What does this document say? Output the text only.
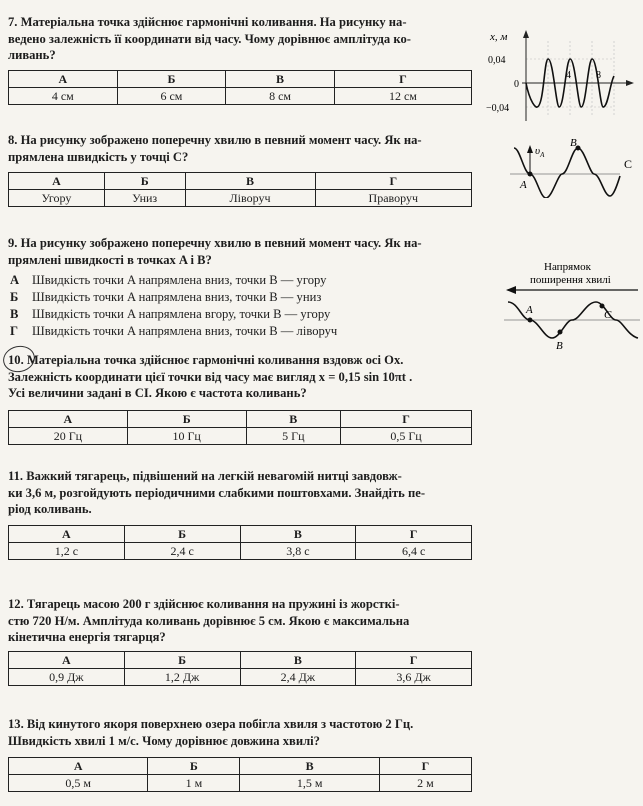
7. Матеріальна точка здійснює гармонічні коливання. На рисунку на-
ведено залежність її координати від часу. Чому дорівнює амплітуда ко-
ливань?

А	Б	В	Г
4 см	6 см	8 см	12 см
x, м
0,04
0
−0,04
4	8

8. На рисунку зображено поперечну хвилю в певний момент часу. Як на-
прямлена швидкість у точці C?

А	Б	В	Г
Угору	Униз	Ліворуч	Праворуч
$\upsilon_A$
A
B
C

9. На рисунку зображено поперечну хвилю в певний момент часу. Як на-
прямлені швидкості в точках A і B?

А	Швидкість точки A напрямлена вниз, точки B — угору
Б	Швидкість точки A напрямлена вниз, точки B — униз
В	Швидкість точки A напрямлена вгору, точки B — угору
Г	Швидкість точки A напрямлена вниз, точки B — ліворуч
Напрямок
поширення хвилі
A
B
C

10. Матеріальна точка здійснює гармонічні коливання вздовж осі Ox.
Залежність координати цієї точки від часу має вигляд x = 0,15 sin 10πt .
Усі величини задані в СІ. Якою є частота коливань?

А	Б	В	Г
20 Гц	10 Гц	5 Гц	0,5 Гц

11. Важкий тягарець, підвішений на легкій невагомій нитці завдовж-
ки 3,6 м, розгойдують періодичними слабкими поштовхами. Знайдіть пе-
ріод коливань.

А	Б	В	Г
1,2 с	2,4 с	3,8 с	6,4 с

12. Тягарець масою 200 г здійснює коливання на пружині із жорсткі-
стю 720 Н/м. Амплітуда коливань дорівнює 5 см. Якою є максимальна
кінетична енергія тягарця?

А	Б	В	Г
0,9 Дж	1,2 Дж	2,4 Дж	3,6 Дж

13. Від кинутого якоря поверхнею озера побігла хвиля з частотою 2 Гц.
Швидкість хвилі 1 м/с. Чому дорівнює довжина хвилі?

А	Б	В	Г
0,5 м	1 м	1,5 м	2 м
